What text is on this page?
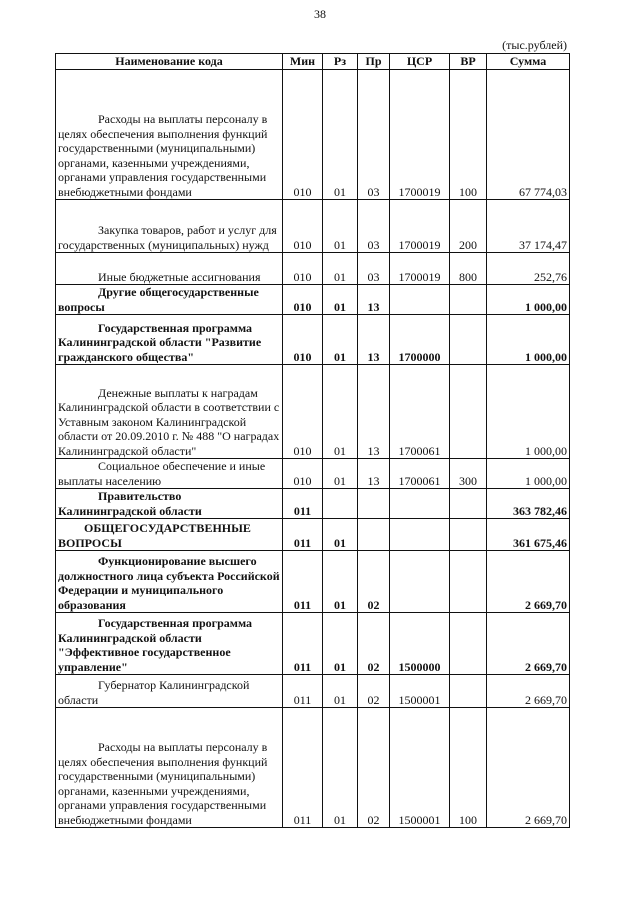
38
(тыс.рублей)
Наименование кода	Мин	Рз	Пр	ЦСР	ВР	Сумма
Расходы на выплаты персоналу в целях обеспечения выполнения функций государственными (муниципальными) органами, казенными учреждениями, органами управления государственными внебюджетными фондами	010	01	03	1700019	100	67 774,03
Закупка товаров, работ и услуг для государственных (муниципальных) нужд	010	01	03	1700019	200	37 174,47
Иные бюджетные ассигнования	010	01	03	1700019	800	252,76
Другие общегосударственные вопросы	010	01	13			1 000,00
Государственная программа Калининградской области "Развитие гражданского общества"	010	01	13	1700000		1 000,00
Денежные выплаты к наградам Калининградской области в соответствии с Уставным законом Калининградской области от 20.09.2010 г. № 488 "О наградах Калининградской области"	010	01	13	1700061		1 000,00
Социальное обеспечение и иные выплаты населению	010	01	13	1700061	300	1 000,00
Правительство Калининградской области	011					363 782,46
ОБЩЕГОСУДАРСТВЕННЫЕ ВОПРОСЫ	011	01				361 675,46
Функционирование высшего должностного лица субъекта Российской Федерации и муниципального образования	011	01	02			2 669,70
Государственная программа Калининградской области "Эффективное государственное управление"	011	01	02	1500000		2 669,70
Губернатор Калининградской области	011	01	02	1500001		2 669,70
Расходы на выплаты персоналу в целях обеспечения выполнения функций государственными (муниципальными) органами, казенными учреждениями, органами управления государственными внебюджетными фондами	011	01	02	1500001	100	2 669,70
